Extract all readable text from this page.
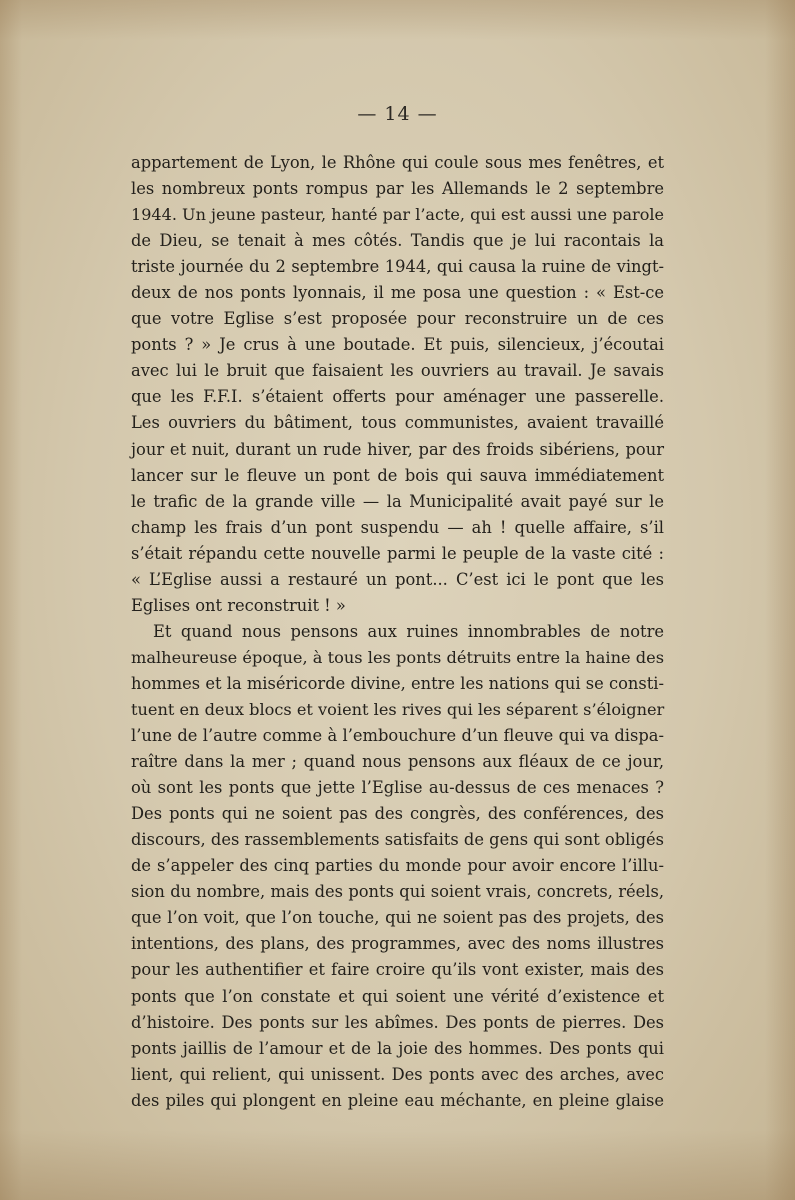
— 14 —
appartement de Lyon, le Rhône qui coule sous mes fenêtres, et
les nombreux ponts rompus par les Allemands le 2 septembre
1944. Un jeune pasteur, hanté par l’acte, qui est aussi une parole
de Dieu, se tenait à mes côtés. Tandis que je lui racontais la
triste journée du 2 septembre 1944, qui causa la ruine de vingt-
deux de nos ponts lyonnais, il me posa une question : « Est-ce
que votre Eglise s’est proposée pour reconstruire un de ces
ponts ? » Je crus à une boutade. Et puis, silencieux, j’écoutai
avec lui le bruit que faisaient les ouvriers au travail. Je savais
que les F.F.I. s’étaient offerts pour aménager une passerelle.
Les ouvriers du bâtiment, tous communistes, avaient travaillé
jour et nuit, durant un rude hiver, par des froids sibériens, pour
lancer sur le fleuve un pont de bois qui sauva immédiatement
le trafic de la grande ville — la Municipalité avait payé sur le
champ les frais d’un pont suspendu — ah ! quelle affaire, s’il
s’était répandu cette nouvelle parmi le peuple de la vaste cité :
« L’Eglise aussi a restauré un pont... C’est ici le pont que les
Eglises ont reconstruit ! »
Et quand nous pensons aux ruines innombrables de notre
malheureuse époque, à tous les ponts détruits entre la haine des
hommes et la miséricorde divine, entre les nations qui se consti-
tuent en deux blocs et voient les rives qui les séparent s’éloigner
l’une de l’autre comme à l’embouchure d’un fleuve qui va dispa-
raître dans la mer ; quand nous pensons aux fléaux de ce jour,
où sont les ponts que jette l’Eglise au-dessus de ces menaces ?
Des ponts qui ne soient pas des congrès, des conférences, des
discours, des rassemblements satisfaits de gens qui sont obligés
de s’appeler des cinq parties du monde pour avoir encore l’illu-
sion du nombre, mais des ponts qui soient vrais, concrets, réels,
que l’on voit, que l’on touche, qui ne soient pas des projets, des
intentions, des plans, des programmes, avec des noms illustres
pour les authentifier et faire croire qu’ils vont exister, mais des
ponts que l’on constate et qui soient une vérité d’existence et
d’histoire. Des ponts sur les abîmes. Des ponts de pierres. Des
ponts jaillis de l’amour et de la joie des hommes. Des ponts qui
lient, qui relient, qui unissent. Des ponts avec des arches, avec
des piles qui plongent en pleine eau méchante, en pleine glaise
